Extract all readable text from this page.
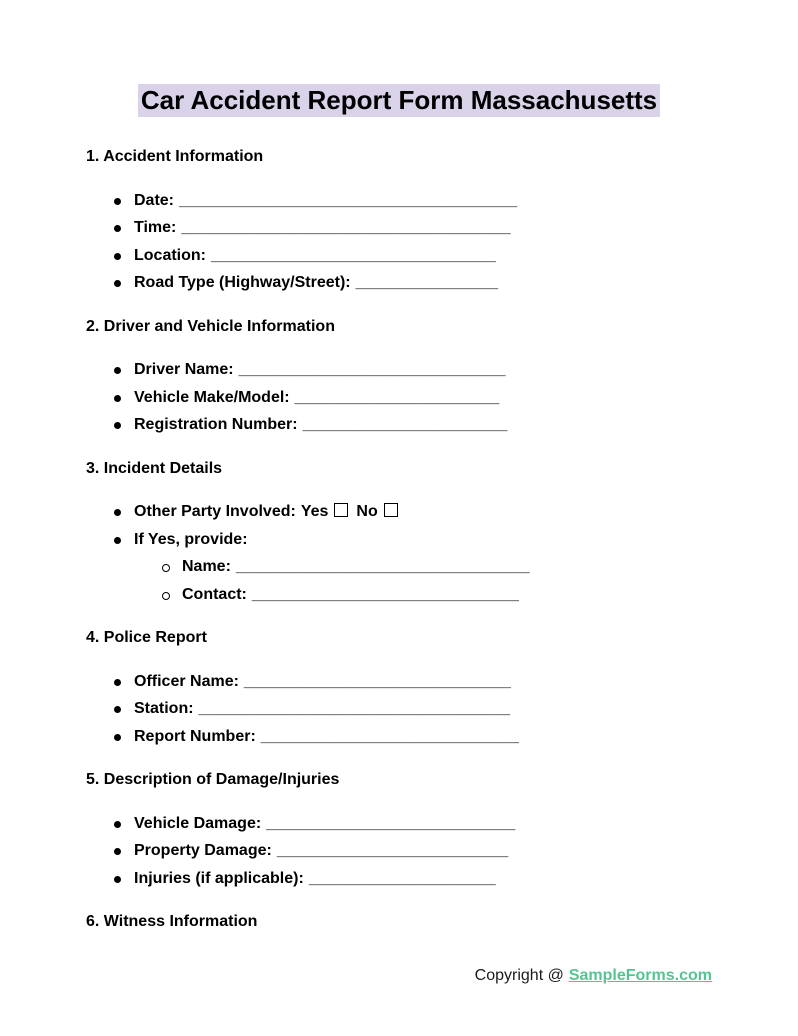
Car Accident Report Form Massachusetts
1. Accident Information
Date: ______________________________________
Time: _____________________________________
Location: ________________________________
Road Type (Highway/Street): ________________
2. Driver and Vehicle Information
Driver Name: ______________________________
Vehicle Make/Model: _______________________
Registration Number: _______________________
3. Incident Details
Other Party Involved: Yes No
If Yes, provide:
Name: _________________________________
Contact: ______________________________
4. Police Report
Officer Name: ______________________________
Station: ___________________________________
Report Number: _____________________________
5. Description of Damage/Injuries
Vehicle Damage: ____________________________
Property Damage: __________________________
Injuries (if applicable): _____________________
6. Witness Information
Copyright @ SampleForms.com
